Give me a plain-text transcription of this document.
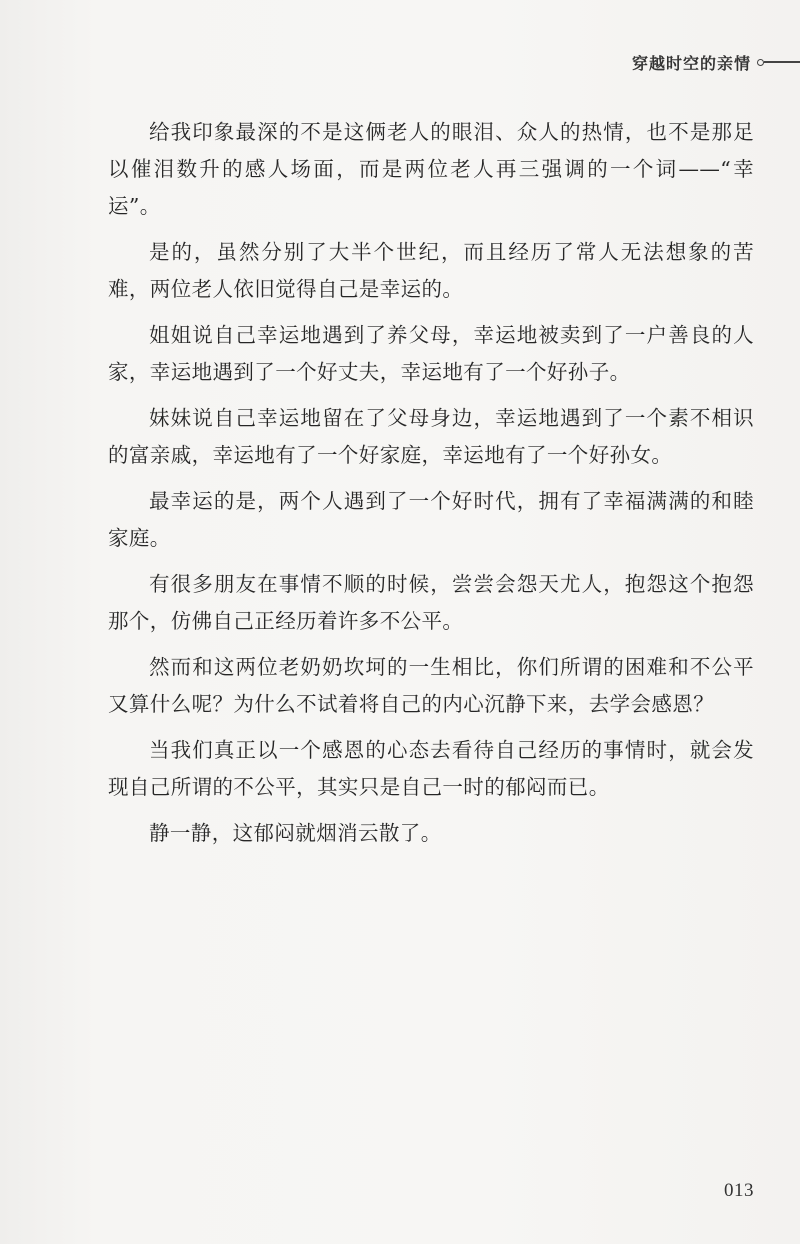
穿越时空的亲情

给我印象最深的不是这俩老人的眼泪、众人的热情，也不是那足以催泪数升的感人场面，而是两位老人再三强调的一个词——“幸运”。

是的，虽然分别了大半个世纪，而且经历了常人无法想象的苦难，两位老人依旧觉得自己是幸运的。

姐姐说自己幸运地遇到了养父母，幸运地被卖到了一户善良的人家，幸运地遇到了一个好丈夫，幸运地有了一个好孙子。

妹妹说自己幸运地留在了父母身边，幸运地遇到了一个素不相识的富亲戚，幸运地有了一个好家庭，幸运地有了一个好孙女。

最幸运的是，两个人遇到了一个好时代，拥有了幸福满满的和睦家庭。

有很多朋友在事情不顺的时候，尝尝会怨天尤人，抱怨这个抱怨那个，仿佛自己正经历着许多不公平。

然而和这两位老奶奶坎坷的一生相比，你们所谓的困难和不公平又算什么呢？为什么不试着将自己的内心沉静下来，去学会感恩？

当我们真正以一个感恩的心态去看待自己经历的事情时，就会发现自己所谓的不公平，其实只是自己一时的郁闷而已。

静一静，这郁闷就烟消云散了。

013
